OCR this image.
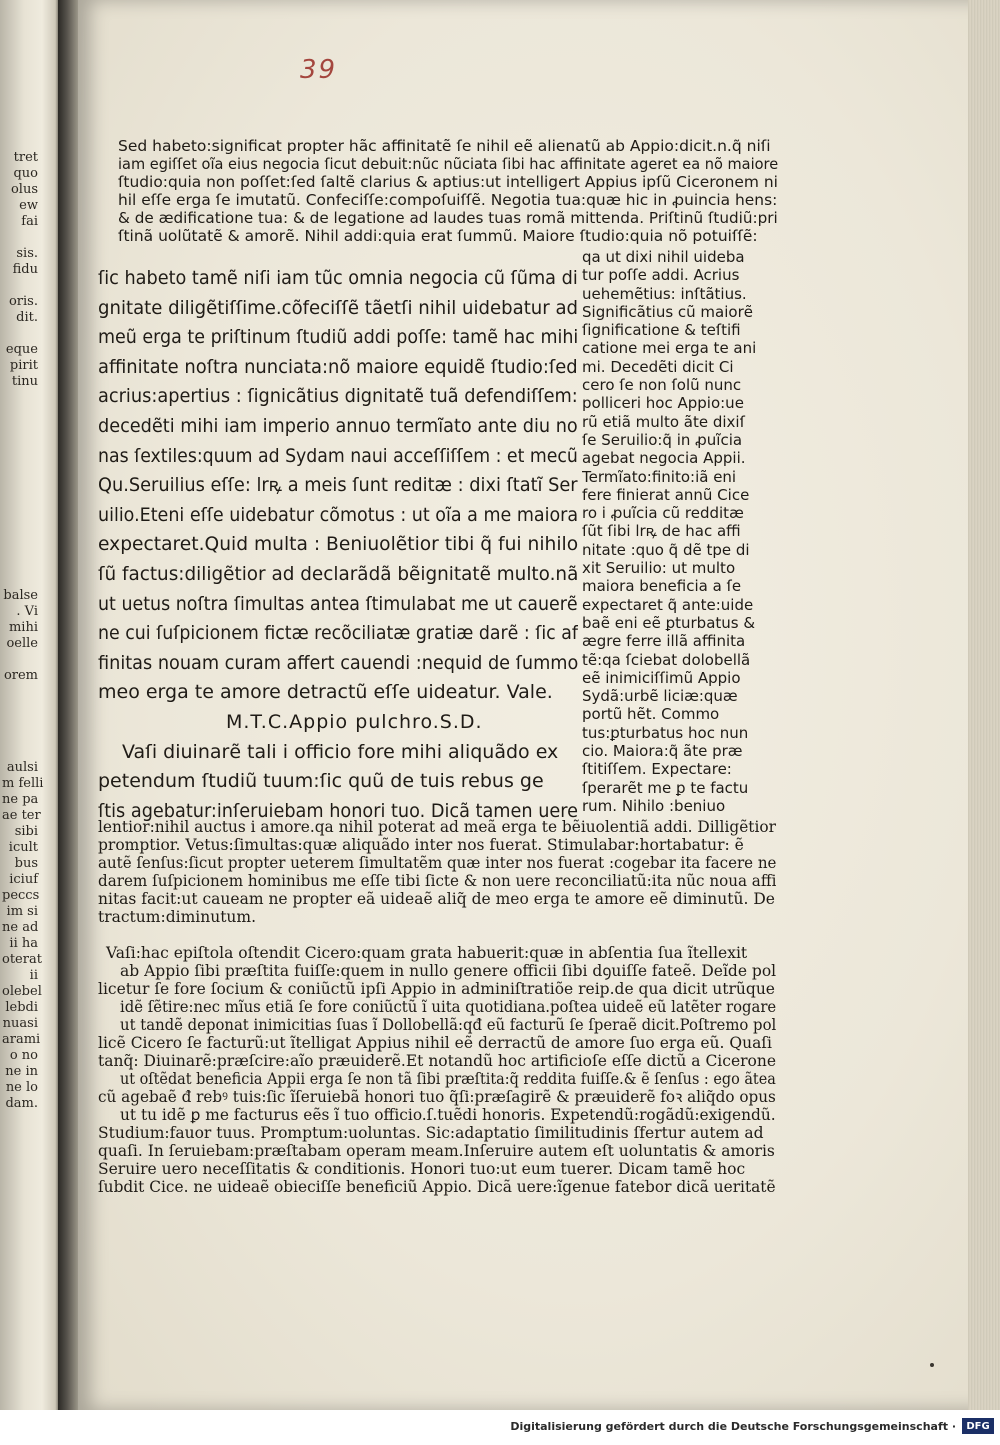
tret
quo
olus
ew
fai

sis.
fidu

oris.
dit.

eque
pirit
tinu
balse
. Vi
mihi
oelle

orem
aulsi
m felli
ne pa
ae ter
sibi
icult
bus
iciuf
peccs
im si
ne ad
ii ha
oterat
ii
olebel
lebdi
nuasi
arami
o no
ne in
ne lo
dam.
39
Sed habeto:significat propter hãc affinitatẽ ſe nihil eẽ alienatũ ab Appio:dicit.n.q̃ niſi
iam egiſſet oĩa eius negocia ſicut debuit:nũc nũciata ſibi hac affinitate ageret ea nõ maiore
ſtudio:quia non poſſet:ſed ſaltẽ clarius & aptius:ut intelligert Appius ipſũ Ciceronem ni
hil eſſe erga ſe imutatũ. Confeciſſe:compoſuiſſẽ. Negotia tua:quæ hic in ꝓuincia hens:
& de ædificatione tua: & de legatione ad laudes tuas romã mittenda. Priſtinũ ſtudiũ:pri
ſtinã uolũtatẽ & amorẽ. Nihil addi:quia erat ſummũ. Maiore ſtudio:quia nõ potuiſſẽ:
ſic habeto tamẽ niſi iam tũc omnia negocia cũ ſũma di
gnitate diligẽtiſſime.cõfeciſſẽ tãetſi nihil uidebatur ad
meũ erga te priſtinum ſtudiũ addi poſſe: tamẽ hac mihi
affinitate noſtra nunciata:nõ maiore equidẽ ſtudio:ſed
acrius:apertius : ſignicãtius dignitatẽ tuã defendiſſem:
decedẽti mihi iam imperio annuo termĩato ante diu no
nas ſextiles:quum ad Sydam naui acceſſiſſem : et mecũ
Qu.Seruilius eſſe: lrꝶ a meis ſunt reditæ : dixi ſtatĩ Ser
uilio.Eteni eſſe uidebatur cõmotus : ut oĩa a me maiora
expectaret.Quid multa : Beniuolẽtior tibi q̃ fui nihilo
ſũ factus:diligẽtior ad declarãdã bẽignitatẽ multo.nã
ut uetus noſtra ſimultas antea ſtimulabat me ut cauerẽ
ne cui ſuſpicionem fictæ recõciliatæ gratiæ darẽ : ſic af
finitas nouam curam affert cauendi :nequid de ſummo
meo erga te amore detractũ eſſe uideatur. Vale.
M.T.C.Appio pulchro.S.D.
Vaſi diuinarẽ tali i officio fore mihi aliquãdo ex
petendum ſtudiũ tuum:ſic quũ de tuis rebus ge
ſtis agebatur:inſeruiebam honori tuo. Dicã tamen uere
qa ut dixi nihil uideba
tur poſſe addi. Acrius
uehemẽtius: inſtãtius.
Significãtius cũ maiorẽ
ſignificatione & teſtifi
catione mei erga te ani
mi. Decedẽti dicit Ci
cero ſe non ſolũ nunc
polliceri hoc Appio:ue
rũ etiã multo ãte dixiſ
ſe Seruilio:q̃ in ꝓuĩcia
agebat negocia Appii.
Termĩato:finito:iã eni
fere finierat annũ Cice
ro i ꝓuĩcia cũ redditæ
ſũt ſibi lrꝶ de hac affi
nitate :quo q̃ dẽ tpe di
xit Seruilio: ut multo
maiora beneficia a ſe
expectaret q̃ ante:uide
baẽ eni eẽ ꝑturbatus &
ægre ferre illã affinita
tẽ:qa ſciebat dolobellã
eẽ inimiciſſimũ Appio
Sydã:urbẽ liciæ:quæ
portũ hẽt. Commo
tus:ꝑturbatus hoc nun
cio. Maiora:q̃ ãte præ
ſtitiſſem. Expectare:
ſperarẽt me ꝑ te factu
rum. Nihilo :beniuo
lentior:nihil auctus i amore.qa nihil poterat ad meã erga te bẽiuolentiã addi. Dilligẽtior
promptior. Vetus:ſimultas:quæ aliquãdo inter nos fuerat. Stimulabar:hortabatur: ẽ
autẽ ſenſus:ſicut propter ueterem ſimultatẽm quæ inter nos fuerat :cogebar ita facere ne
darem ſuſpicionem hominibus me eſſe tibi ſicte & non uere reconciliatũ:ita nũc noua affi
nitas facit:ut caueam ne propter eã uideaẽ aliq̃ de meo erga te amore eẽ diminutũ. De
tractum:diminutum.

Vaſi:hac epiſtola oſtendit Cicero:quam grata habuerit:quæ in abſentia ſua ĩtellexit
ab Appio ſibi præſtita fuiſſe:quem in nullo genere officii ſibi dꝯuiſſe fateẽ. Deĩde pol
licetur ſe fore ſocium & coniũctũ ipſi Appio in adminiſtratiõe reip.de qua dicit utrũque
idẽ ſẽtire:nec mĩus etiã ſe fore coniũctũ ĩ uita quotidiana.poſtea uideẽ eũ latẽter rogare
ut tandẽ deponat inimicitias ſuas ĩ Dollobellã:qđ eũ facturũ ſe ſperaẽ dicit.Poſtremo pol
licẽ Cicero ſe facturũ:ut ĩtelligat Appius nihil eẽ derractũ de amore ſuo erga eũ. Quaſi
tanq̃: Diuinarẽ:præſcire:aĩo præuiderẽ.Et notandũ hoc artificioſe eſſe dictũ a Cicerone
ut oſtẽdat beneficia Appii erga ſe non tã ſibi præſtita:q̃ reddita fuiſſe.& ẽ ſenſus : ego ãtea
cũ agebaẽ đ rebꝰ tuis:ſic ĩſeruiebã honori tuo q̃ſi:præſagirẽ & præuiderẽ foꝛ aliq̃do opus
ut tu idẽ ꝑ me facturus eẽs ĩ tuo officio.ſ.tuẽdi honoris. Expetendũ:rogãdũ:exigendũ.
Studium:fauor tuus. Promptum:uoluntas. Sic:adaptatio ſimilitudinis ſfertur autem ad
quaſi. In ſeruiebam:præſtabam operam meam.Inſeruire autem eſt uoluntatis & amoris
Seruire uero neceſſitatis & conditionis. Honori tuo:ut eum tuerer. Dicam tamẽ hoc
ſubdit Cice. ne uideaẽ obieciſſe beneficiũ Appio. Dicã uere:ĩgenue fatebor dicã ueritatẽ
Digitalisierung gefördert durch die Deutsche Forschungsgemeinschaft ·	DFG
